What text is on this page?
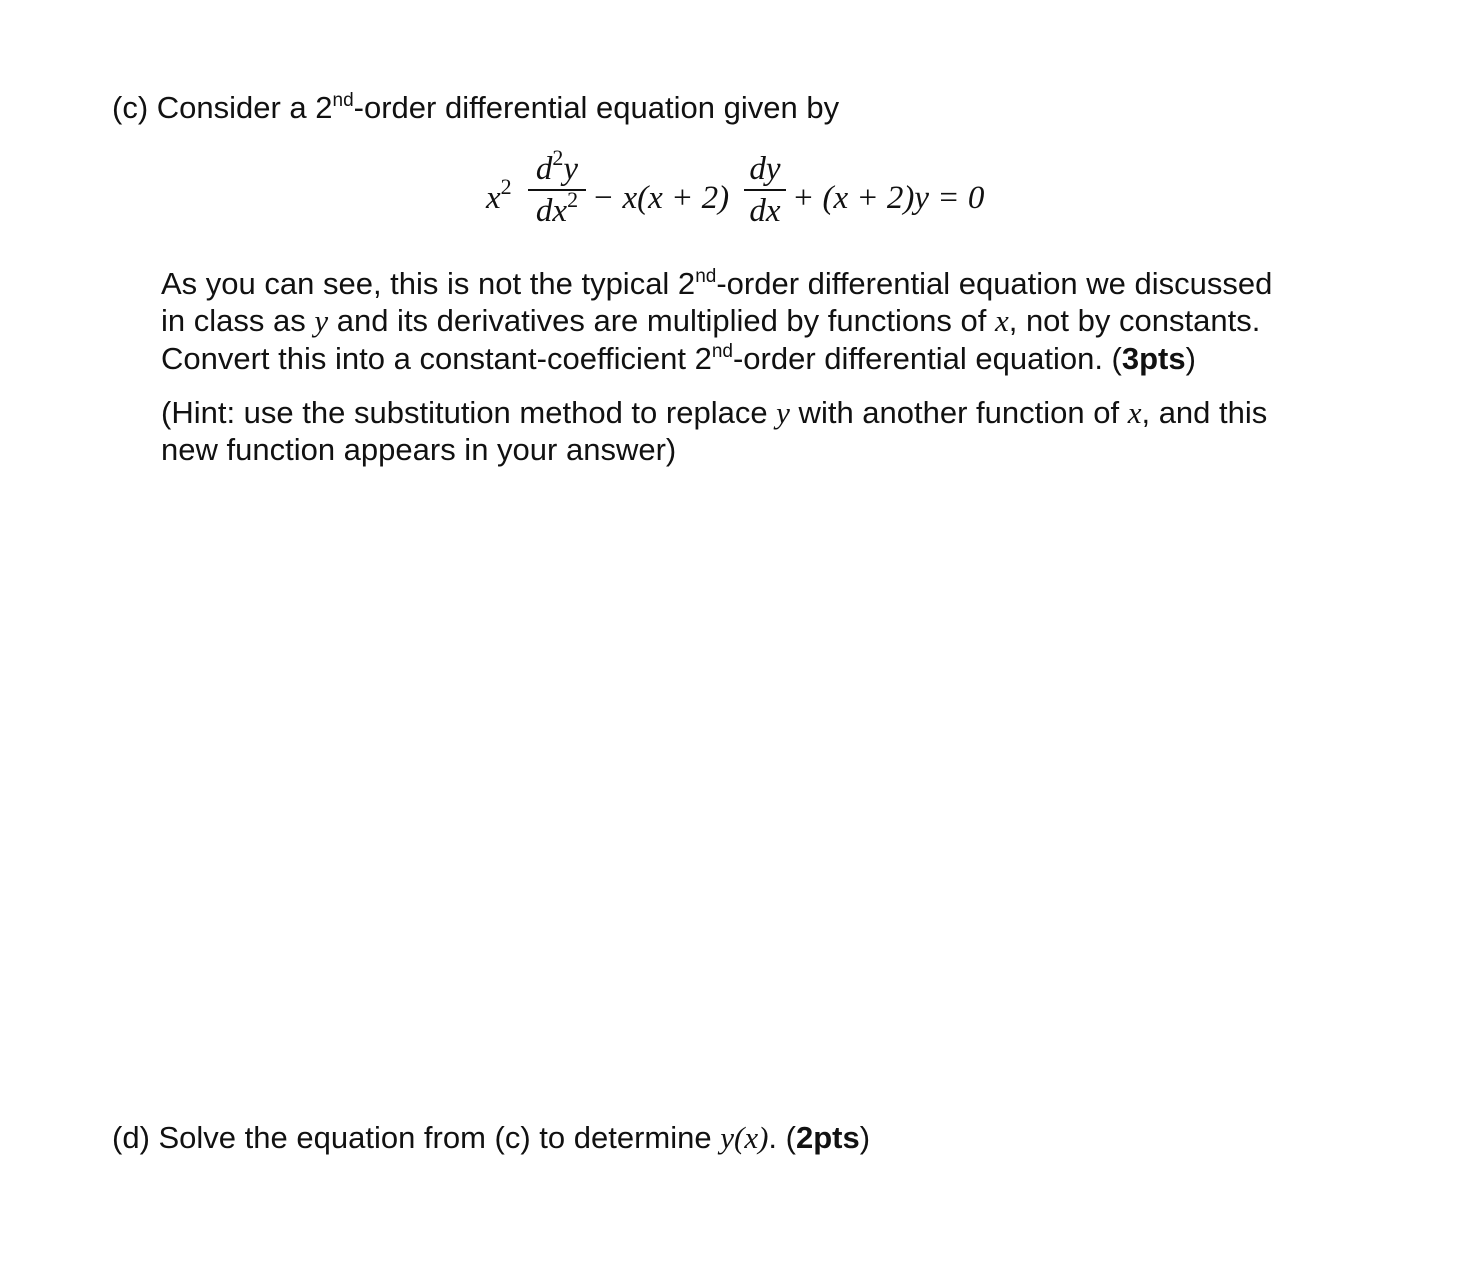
(c) Consider a 2nd-order differential equation given by
$x^2$ $d^2y$
$dx^2 - x(x + 2)$
dy
dx + (x + 2)y = 0
As you can see, this is not the typical 2nd-order differential equation we discussed
in class as y and its derivatives are multiplied by functions of x, not by constants.
Convert this into a constant-coefficient 2nd-order differential equation. (3pts)
(Hint: use the substitution method to replace y with another function of x, and this
new function appears in your answer)
(d) Solve the equation from (c) to determine y(x). (2pts)
